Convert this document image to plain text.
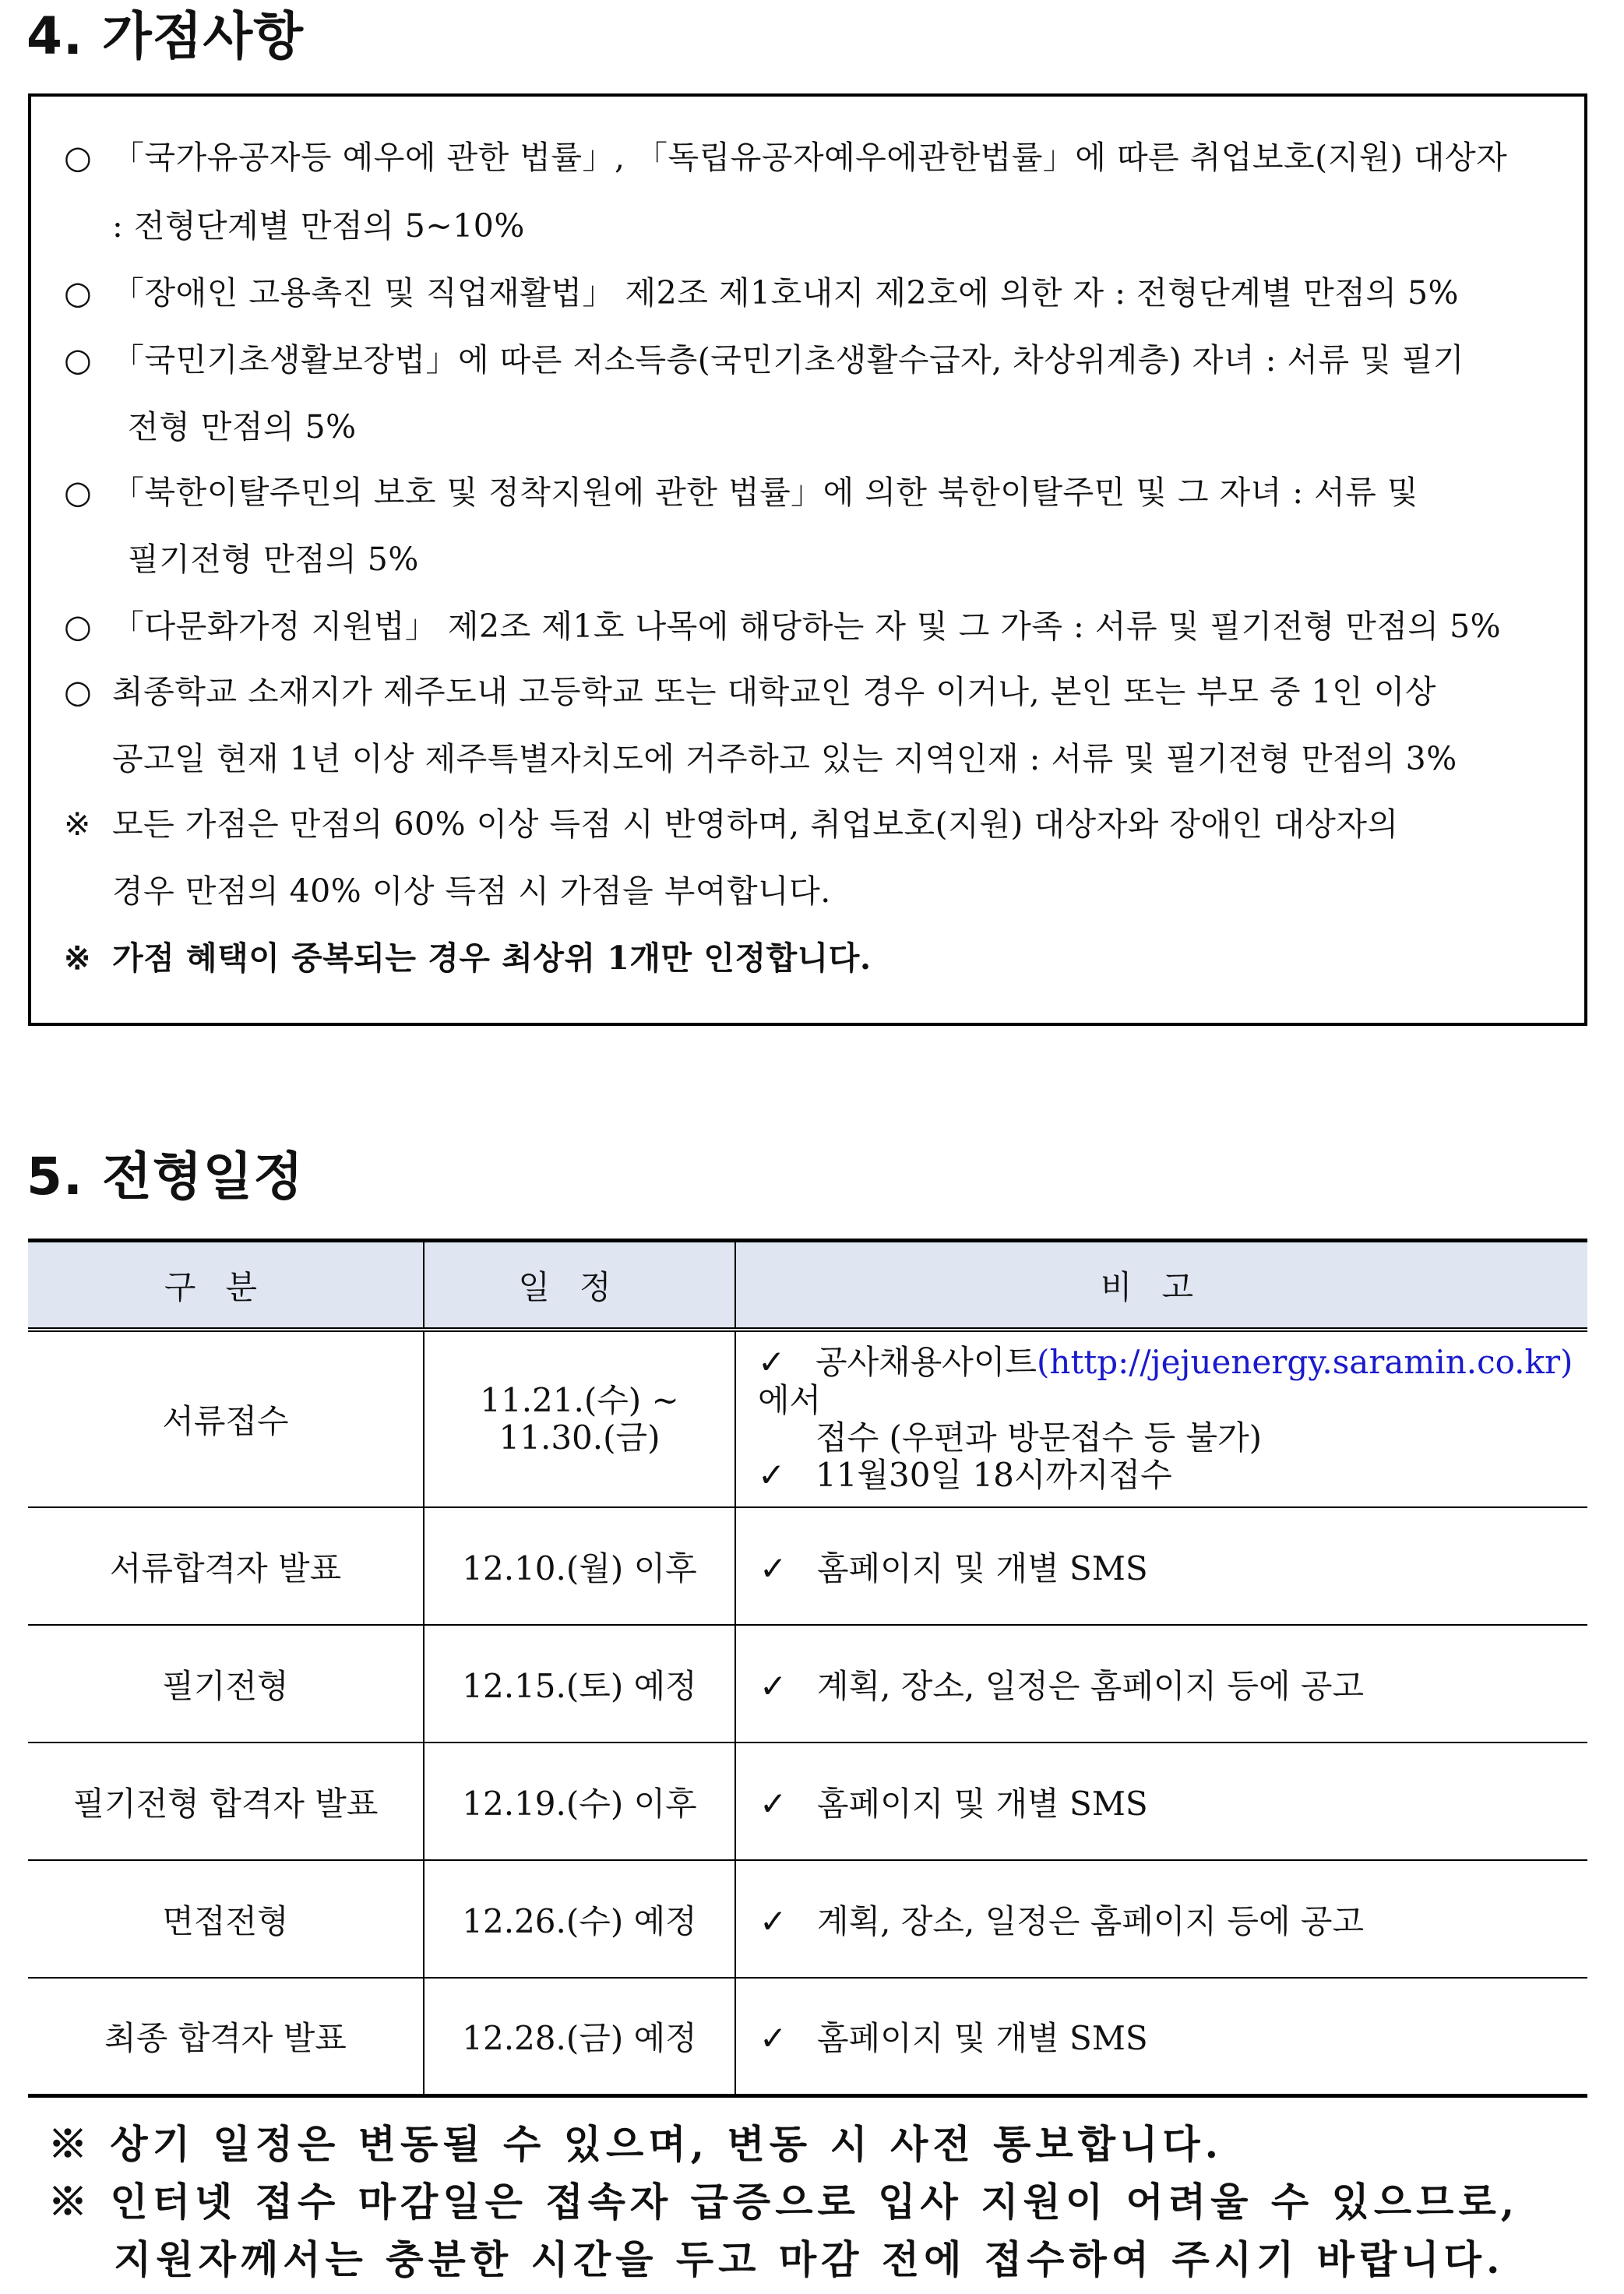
4. 가점사항
○ 「국가유공자등 예우에 관한 법률」, 「독립유공자예우에관한법률」에 따른 취업보호(지원) 대상자
: 전형단계별 만점의 5~10%
○ 「장애인 고용촉진 및 직업재활법」 제2조 제1호내지 제2호에 의한 자 : 전형단계별 만점의 5%
○ 「국민기초생활보장법」에 따른 저소득층(국민기초생활수급자, 차상위계층) 자녀 : 서류 및 필기
전형 만점의 5%
○ 「북한이탈주민의 보호 및 정착지원에 관한 법률」에 의한 북한이탈주민 및 그 자녀 : 서류 및
필기전형 만점의 5%
○ 「다문화가정 지원법」 제2조 제1호 나목에 해당하는 자 및 그 가족 : 서류 및 필기전형 만점의 5%
○ 최종학교 소재지가 제주도내 고등학교 또는 대학교인 경우 이거나, 본인 또는 부모 중 1인 이상
공고일 현재 1년 이상 제주특별자치도에 거주하고 있는 지역인재 : 서류 및 필기전형 만점의 3%
※ 모든 가점은 만점의 60% 이상 득점 시 반영하며, 취업보호(지원) 대상자와 장애인 대상자의
경우 만점의 40% 이상 득점 시 가점을 부여합니다.
※ 가점 혜택이 중복되는 경우 최상위 1개만 인정합니다.
5. 전형일정
구분	일정	비고
서류접수	11.21.(수) ~
11.30.(금)	✓ 공사채용사이트(http://jejuenergy.saramin.co.kr)에서
접수 (우편과 방문접수 등 불가)
✓ 11월30일 18시까지접수

서류합격자 발표	12.10.(월) 이후	✓ 홈페이지 및 개별 SMS
필기전형	12.15.(토) 예정	✓ 계획, 장소, 일정은 홈페이지 등에 공고
필기전형 합격자 발표	12.19.(수) 이후	✓ 홈페이지 및 개별 SMS
면접전형	12.26.(수) 예정	✓ 계획, 장소, 일정은 홈페이지 등에 공고
최종 합격자 발표	12.28.(금) 예정	✓ 홈페이지 및 개별 SMS
※ 상기 일정은 변동될 수 있으며, 변동 시 사전 통보합니다.
※ 인터넷 접수 마감일은 접속자 급증으로 입사 지원이 어려울 수 있으므로,
지원자께서는 충분한 시간을 두고 마감 전에 접수하여 주시기 바랍니다.
